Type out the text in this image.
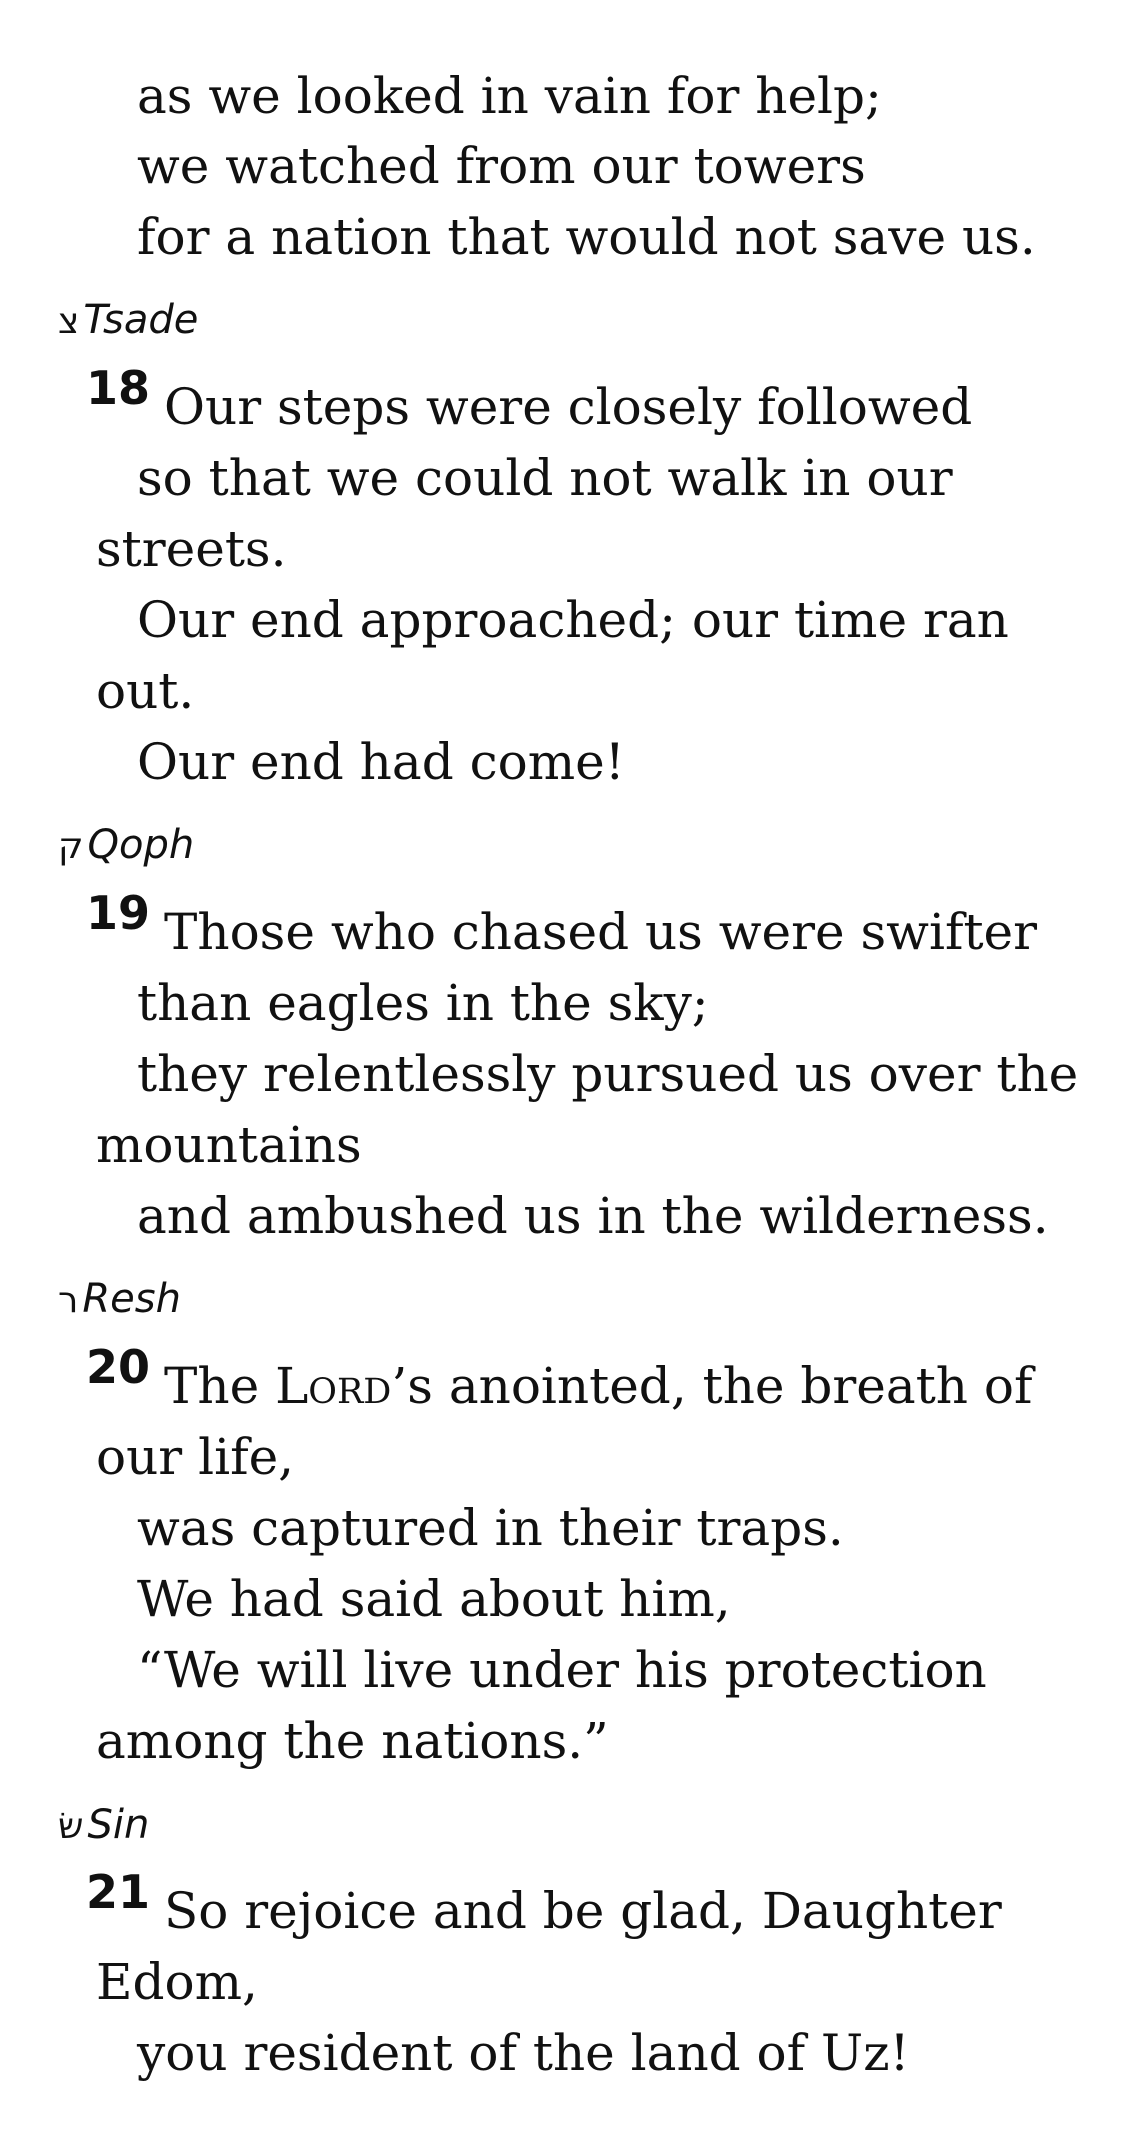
as we looked in vain for help;
we watched from our towers
for a nation that would not save us.
צ Tsade
18 Our steps were closely followed
so that we could not walk in our
streets.
Our end approached; our time ran
out.
Our end had come!
ק Qoph
19 Those who chased us were swifter
than eagles in the sky;
they relentlessly pursued us over the
mountains
and ambushed us in the wilderness.
ר Resh
20 The Lord’s anointed, the breath of
our life,
was captured in their traps.
We had said about him,
“We will live under his protection
among the nations.”
שׂ Sin
21 So rejoice and be glad, Daughter
Edom,
you resident of the land of Uz!
